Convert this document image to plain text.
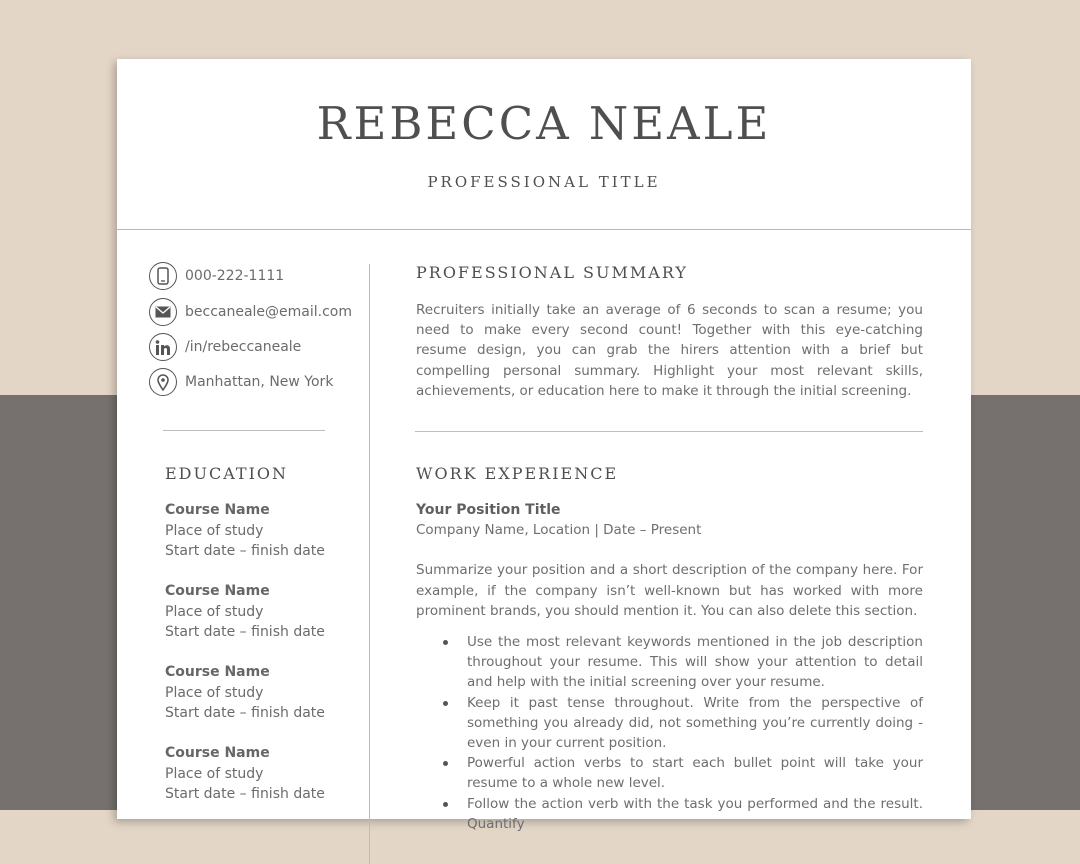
REBECCA NEALE
PROFESSIONAL TITLE
000-222-1111
beccaneale@email.com
/in/rebeccaneale
Manhattan, New York
EDUCATION
Course Name
Place of study
Start date – finish date
Course Name
Place of study
Start date – finish date
Course Name
Place of study
Start date – finish date
Course Name
Place of study
Start date – finish date
PROFESSIONAL SUMMARY
Recruiters initially take an average of 6 seconds to scan a resume; you need to make every second count! Together with this eye-catching resume design, you can grab the hirers attention with a brief but compelling personal summary. Highlight your most relevant skills, achievements, or education here to make it through the initial screening.
WORK EXPERIENCE
Your Position Title
Company Name, Location | Date – Present
Summarize your position and a short description of the company here. For example, if the company isn’t well-known but has worked with more prominent brands, you should mention it. You can also delete this section.
Use the most relevant keywords mentioned in the job description throughout your resume. This will show your attention to detail and help with the initial screening over your resume.
Keep it past tense throughout. Write from the perspective of something you already did, not something you’re currently doing - even in your current position.
Powerful action verbs to start each bullet point will take your resume to a whole new level.
Follow the action verb with the task you performed and the result. Quantify
